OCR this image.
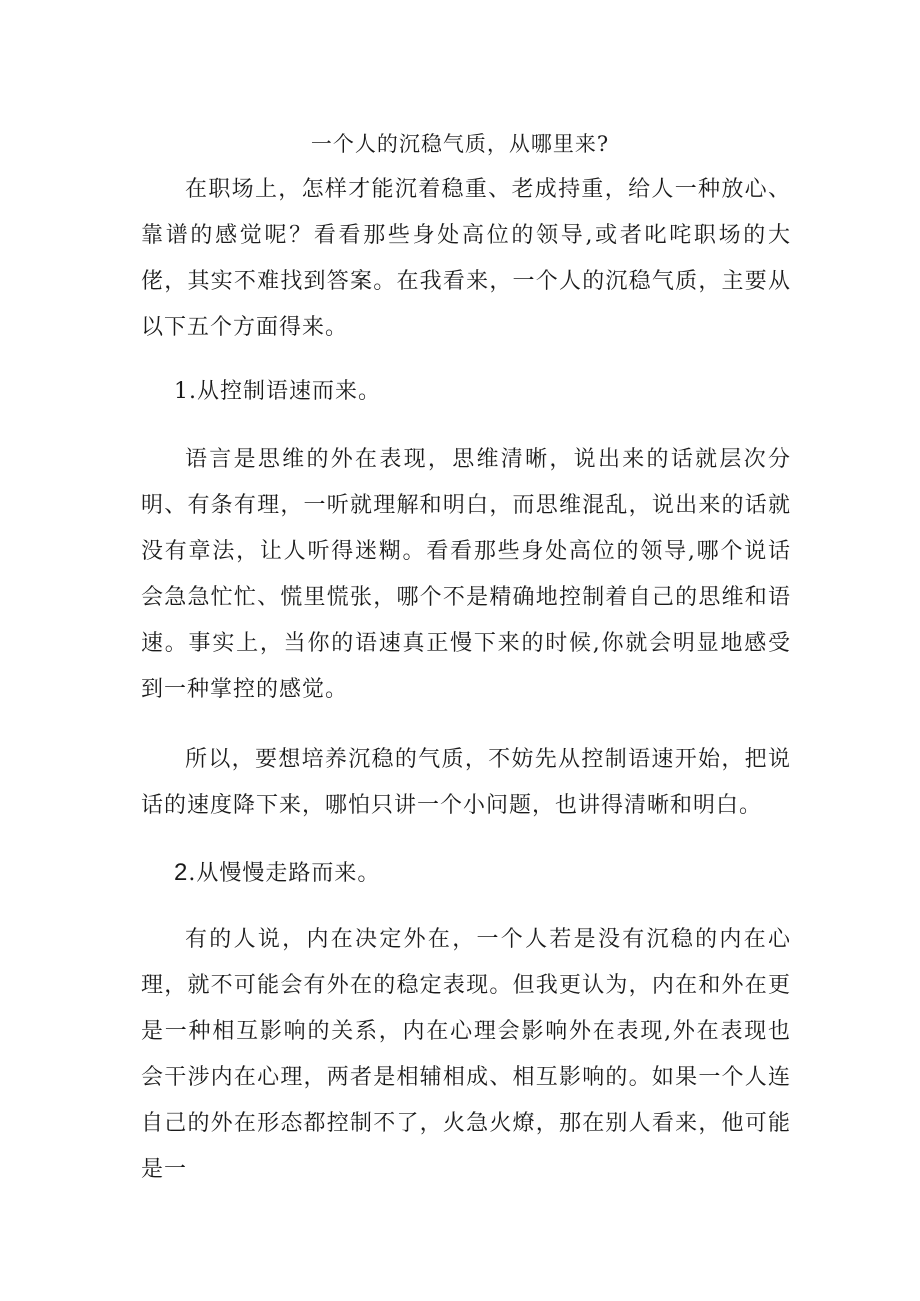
一个人的沉稳气质，从哪里来?

在职场上，怎样才能沉着稳重、老成持重，给人一种放心、靠谱的感觉呢？看看那些身处高位的领导,或者叱咤职场的大佬，其实不难找到答案。在我看来，一个人的沉稳气质，主要从以下五个方面得来。

1.从控制语速而来。

语言是思维的外在表现，思维清晰，说出来的话就层次分明、有条有理，一听就理解和明白，而思维混乱，说出来的话就没有章法，让人听得迷糊。看看那些身处高位的领导,哪个说话会急急忙忙、慌里慌张，哪个不是精确地控制着自己的思维和语速。事实上，当你的语速真正慢下来的时候,你就会明显地感受到一种掌控的感觉。

所以，要想培养沉稳的气质，不妨先从控制语速开始，把说话的速度降下来，哪怕只讲一个小问题，也讲得清晰和明白。

2.从慢慢走路而来。

有的人说，内在决定外在，一个人若是没有沉稳的内在心理，就不可能会有外在的稳定表现。但我更认为，内在和外在更是一种相互影响的关系，内在心理会影响外在表现,外在表现也会干涉内在心理，两者是相辅相成、相互影响的。如果一个人连自己的外在形态都控制不了，火急火燎，那在别人看来，他可能是一
